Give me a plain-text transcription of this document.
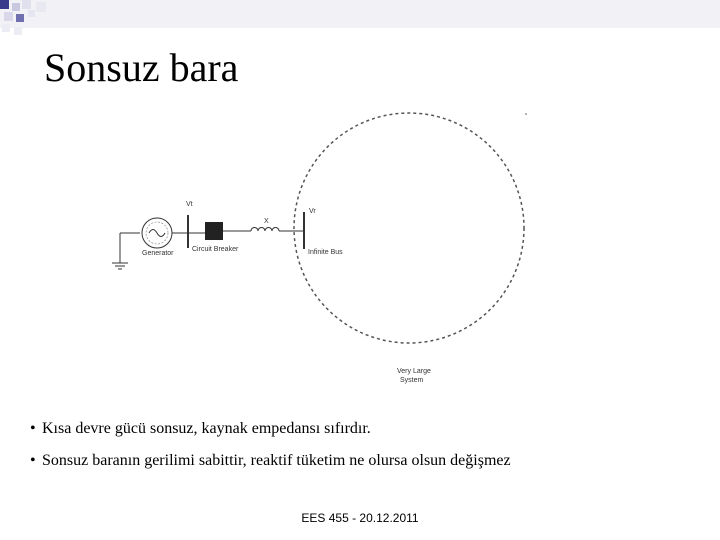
Sonsuz bara
Very Large
System
Generator
Vt
Circuit Breaker
X
Vr
Infinite Bus
• Kısa devre gücü sonsuz, kaynak empedansı sıfırdır.
• Sonsuz baranın gerilimi sabittir, reaktif tüketim ne olursa olsun değişmez
EES 455 - 20.12.2011
